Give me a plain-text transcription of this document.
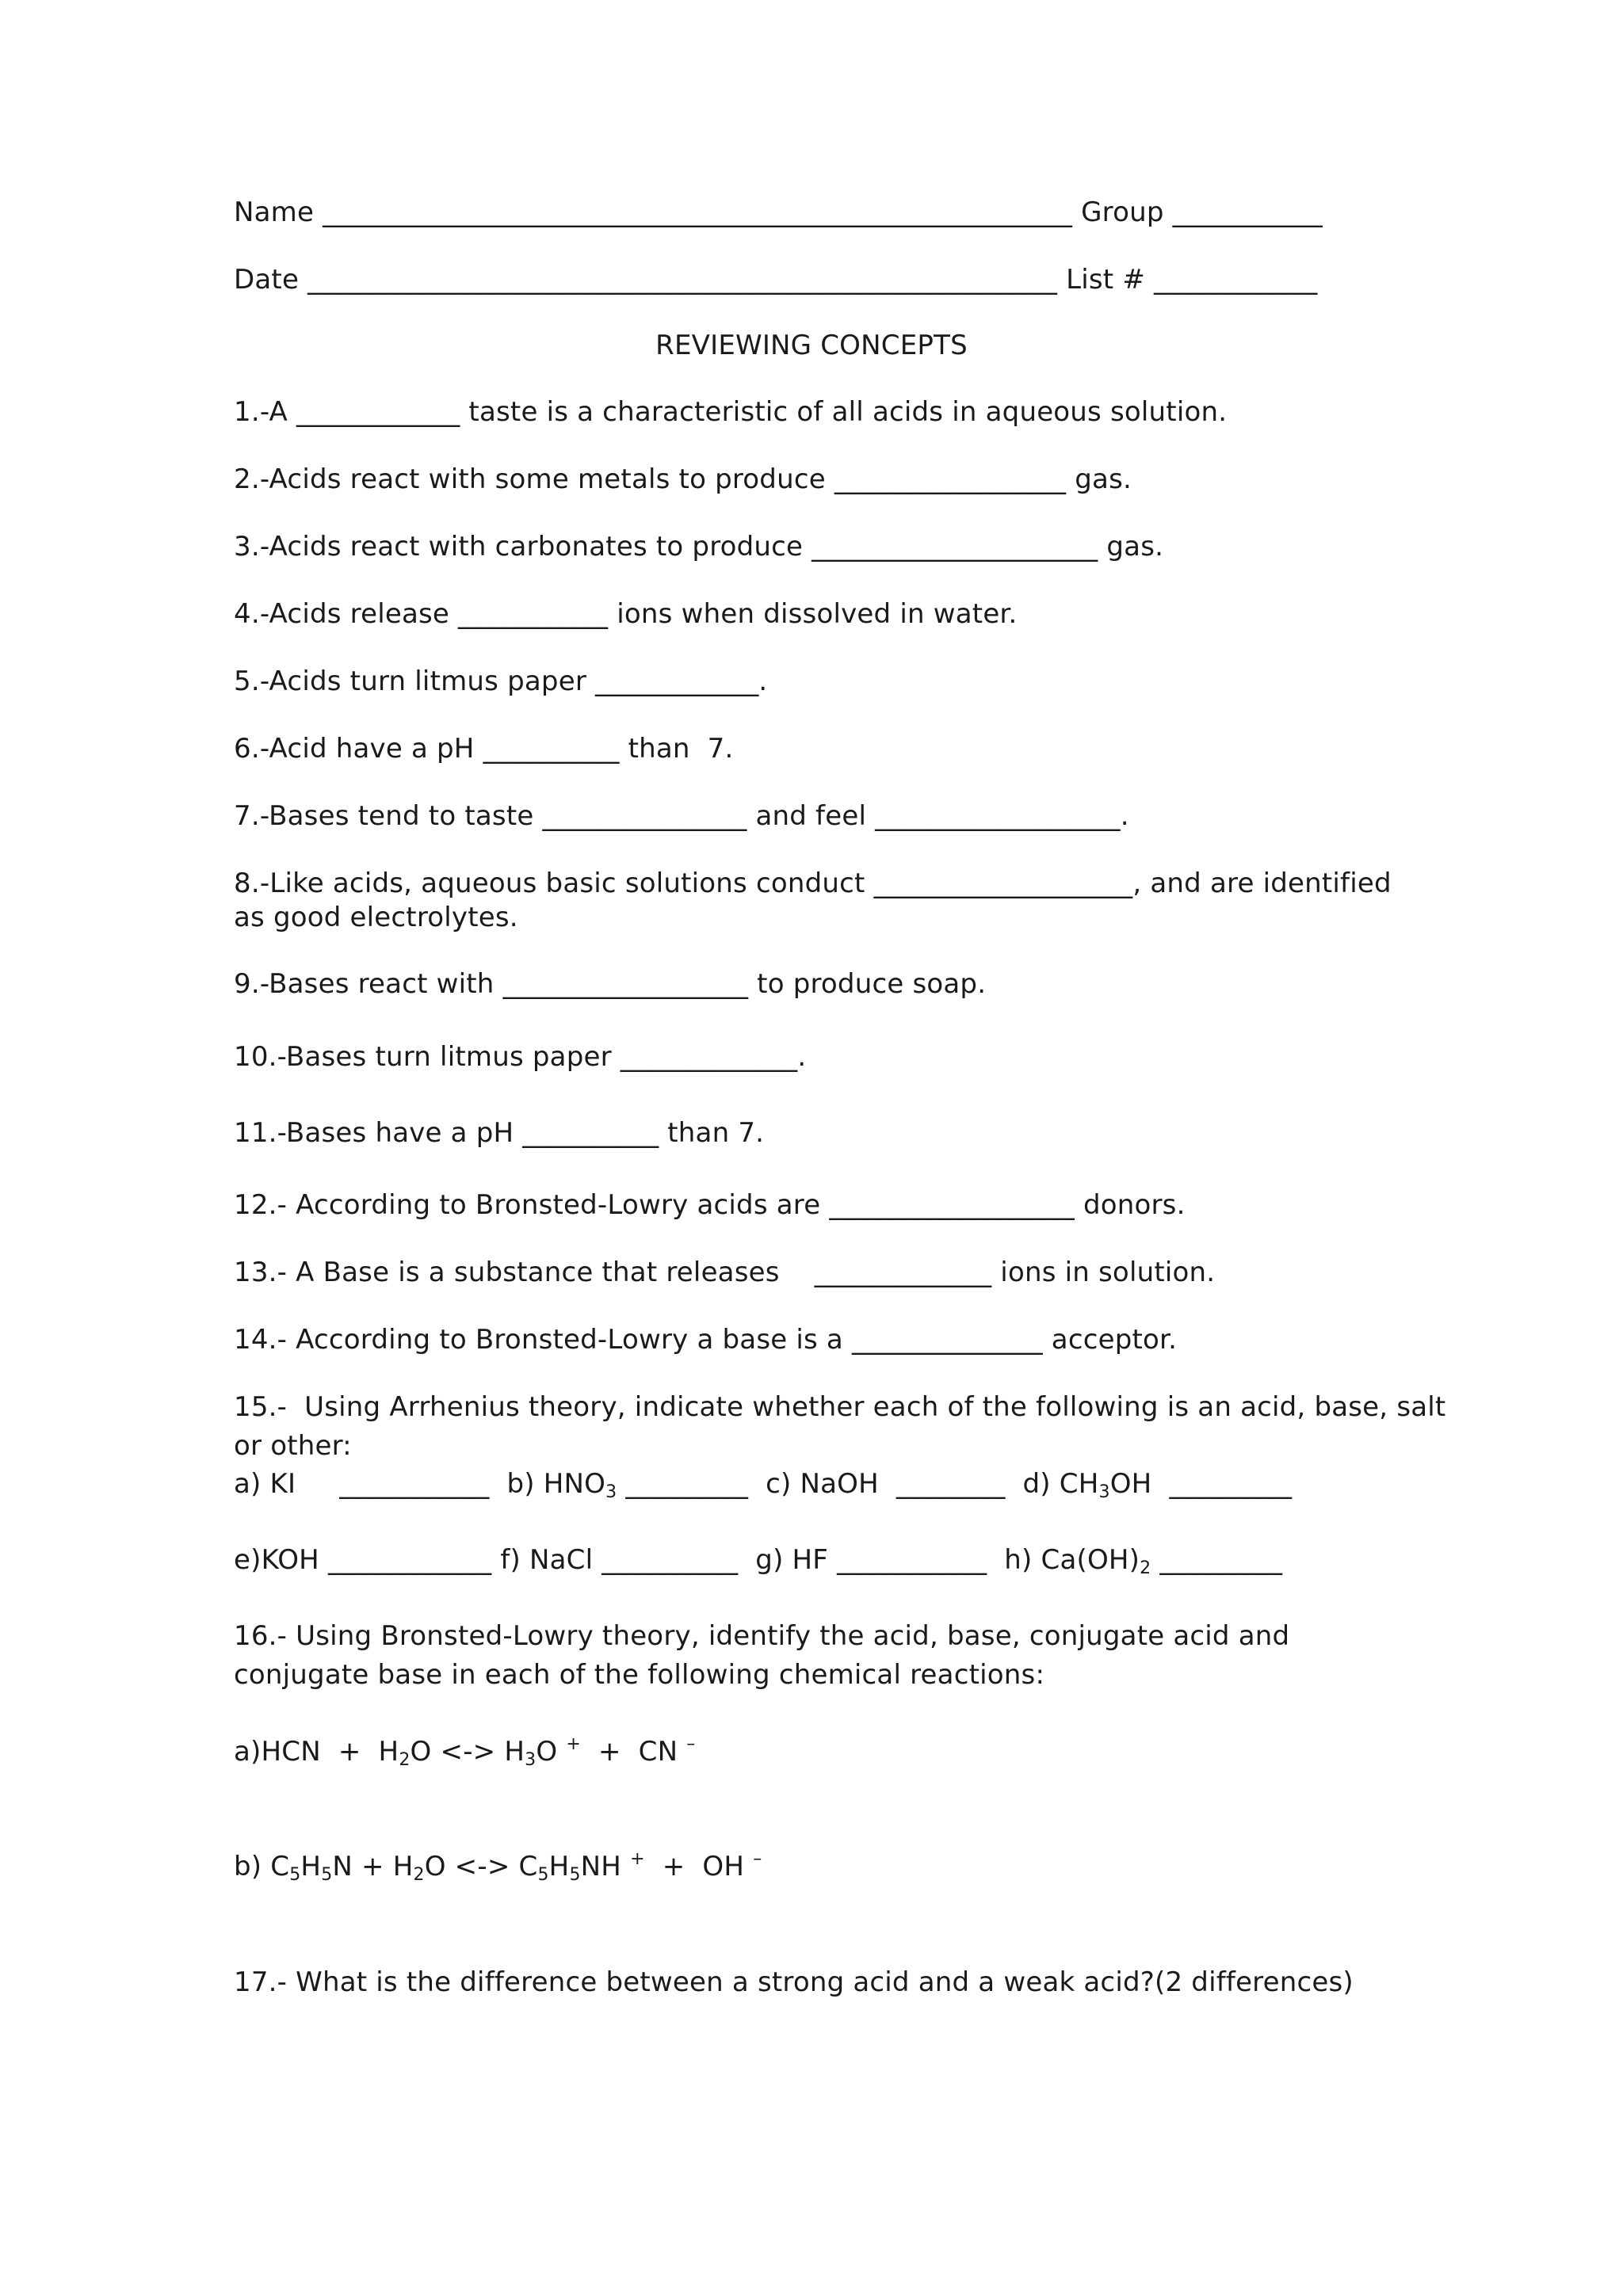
Name _______________________________________________________ Group ___________
Date _______________________________________________________ List # ____________
REVIEWING CONCEPTS
1.-A ____________ taste is a characteristic of all acids in aqueous solution.
2.-Acids react with some metals to produce _________________ gas.
3.-Acids react with carbonates to produce _____________________ gas.
4.-Acids release ___________ ions when dissolved in water.
5.-Acids turn litmus paper ____________.
6.-Acid have a pH __________ than  7.
7.-Bases tend to taste _______________ and feel __________________.
8.-Like acids, aqueous basic solutions conduct ___________________, and are identified
as good electrolytes.
9.-Bases react with __________________ to produce soap.
10.-Bases turn litmus paper _____________.
11.-Bases have a pH __________ than 7.
12.- According to Bronsted-Lowry acids are __________________ donors.
13.- A Base is a substance that releases    _____________ ions in solution.
14.- According to Bronsted-Lowry a base is a ______________ acceptor.
15.-  Using Arrhenius theory, indicate whether each of the following is an acid, base, salt
or other:
a) KI     ___________  b) $HNO_3$ _________  c) NaOH  ________  d) $CH_3OH$  _________
e)KOH ____________ f) NaCl __________  g) HF ___________  h) $Ca(OH)_2$ _________
16.- Using Bronsted-Lowry theory, identify the acid, base, conjugate acid and
conjugate base in each of the following chemical reactions:
$a)HCN + H_2O$ <-> $H_3O$ +  +  CN –
b) $C_5H_5N + H_2O$ <-> $C_5H_5NH$ +  +  OH –
17.- What is the difference between a strong acid and a weak acid?(2 differences)
